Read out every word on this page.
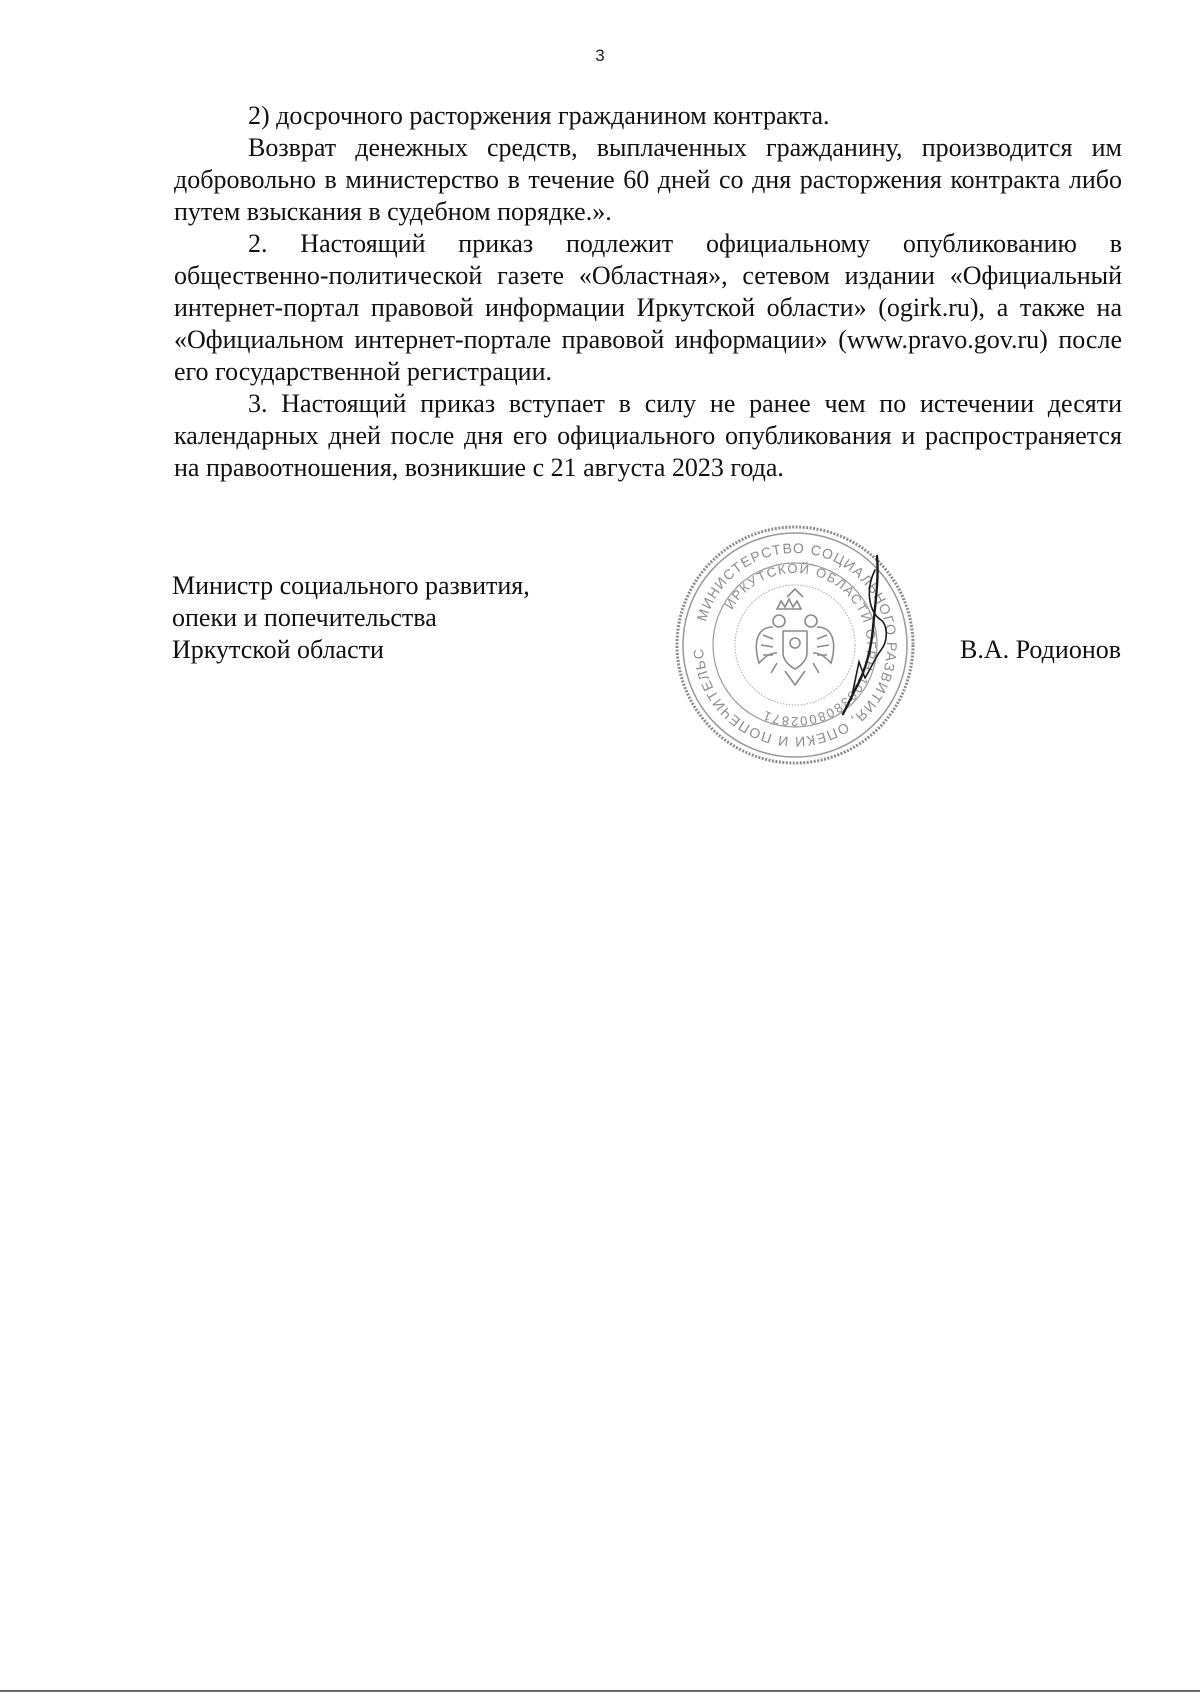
3

2) досрочного расторжения гражданином контракта.

Возврат денежных средств, выплаченных гражданину, производится им добровольно в министерство в течение 60 дней со дня расторжения контракта либо путем взыскания в судебном порядке.».

2. Настоящий приказ подлежит официальному опубликованию в общественно-политической газете «Областная», сетевом издании «Официальный интернет-портал правовой информации Иркутской области» (ogirk.ru), а также на «Официальном интернет-портале правовой информации» (www.pravo.gov.ru) после его государственной регистрации.

3. Настоящий приказ вступает в силу не ранее чем по истечении десяти календарных дней после дня его официального опубликования и распространяется на правоотношения, возникшие с 21 августа 2023 года.

Министр социального развития,
опеки и попечительства
Иркутской области
МИНИСТЕРСТВО СОЦИАЛЬНОГО РАЗВИТИЯ, ОПЕКИ И ПОПЕЧИТЕЛЬС
ИРКУТСКОЙ ОБЛАСТИ ОГРН 1083808002871
В.А. Родионов
